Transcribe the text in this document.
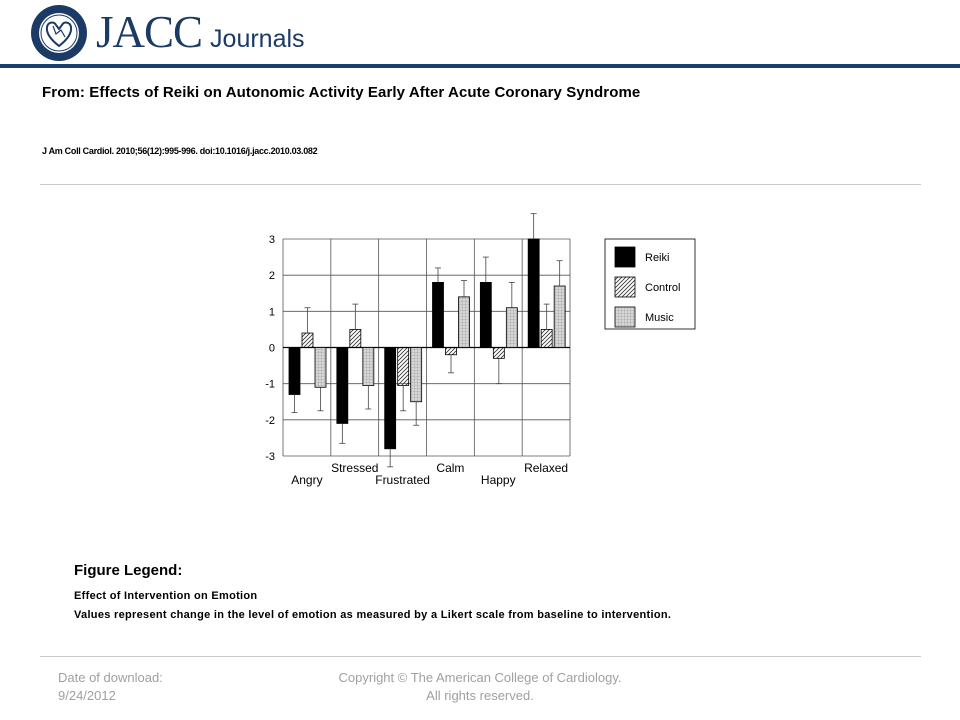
JACC Journals
From: Effects of Reiki on Autonomic Activity Early After Acute Coronary Syndrome
J Am Coll Cardiol. 2010;56(12):995-996. doi:10.1016/j.jacc.2010.03.082
3
2
1
0
-1
-2
-3
Angry
Stressed
Frustrated
Calm
Happy
Relaxed
Reiki
Control
Music
Figure Legend:
Effect of Intervention on Emotion
Values represent change in the level of emotion as measured by a Likert scale from baseline to intervention.
Date of download:
9/24/2012
Copyright © The American College of Cardiology.
All rights reserved.
